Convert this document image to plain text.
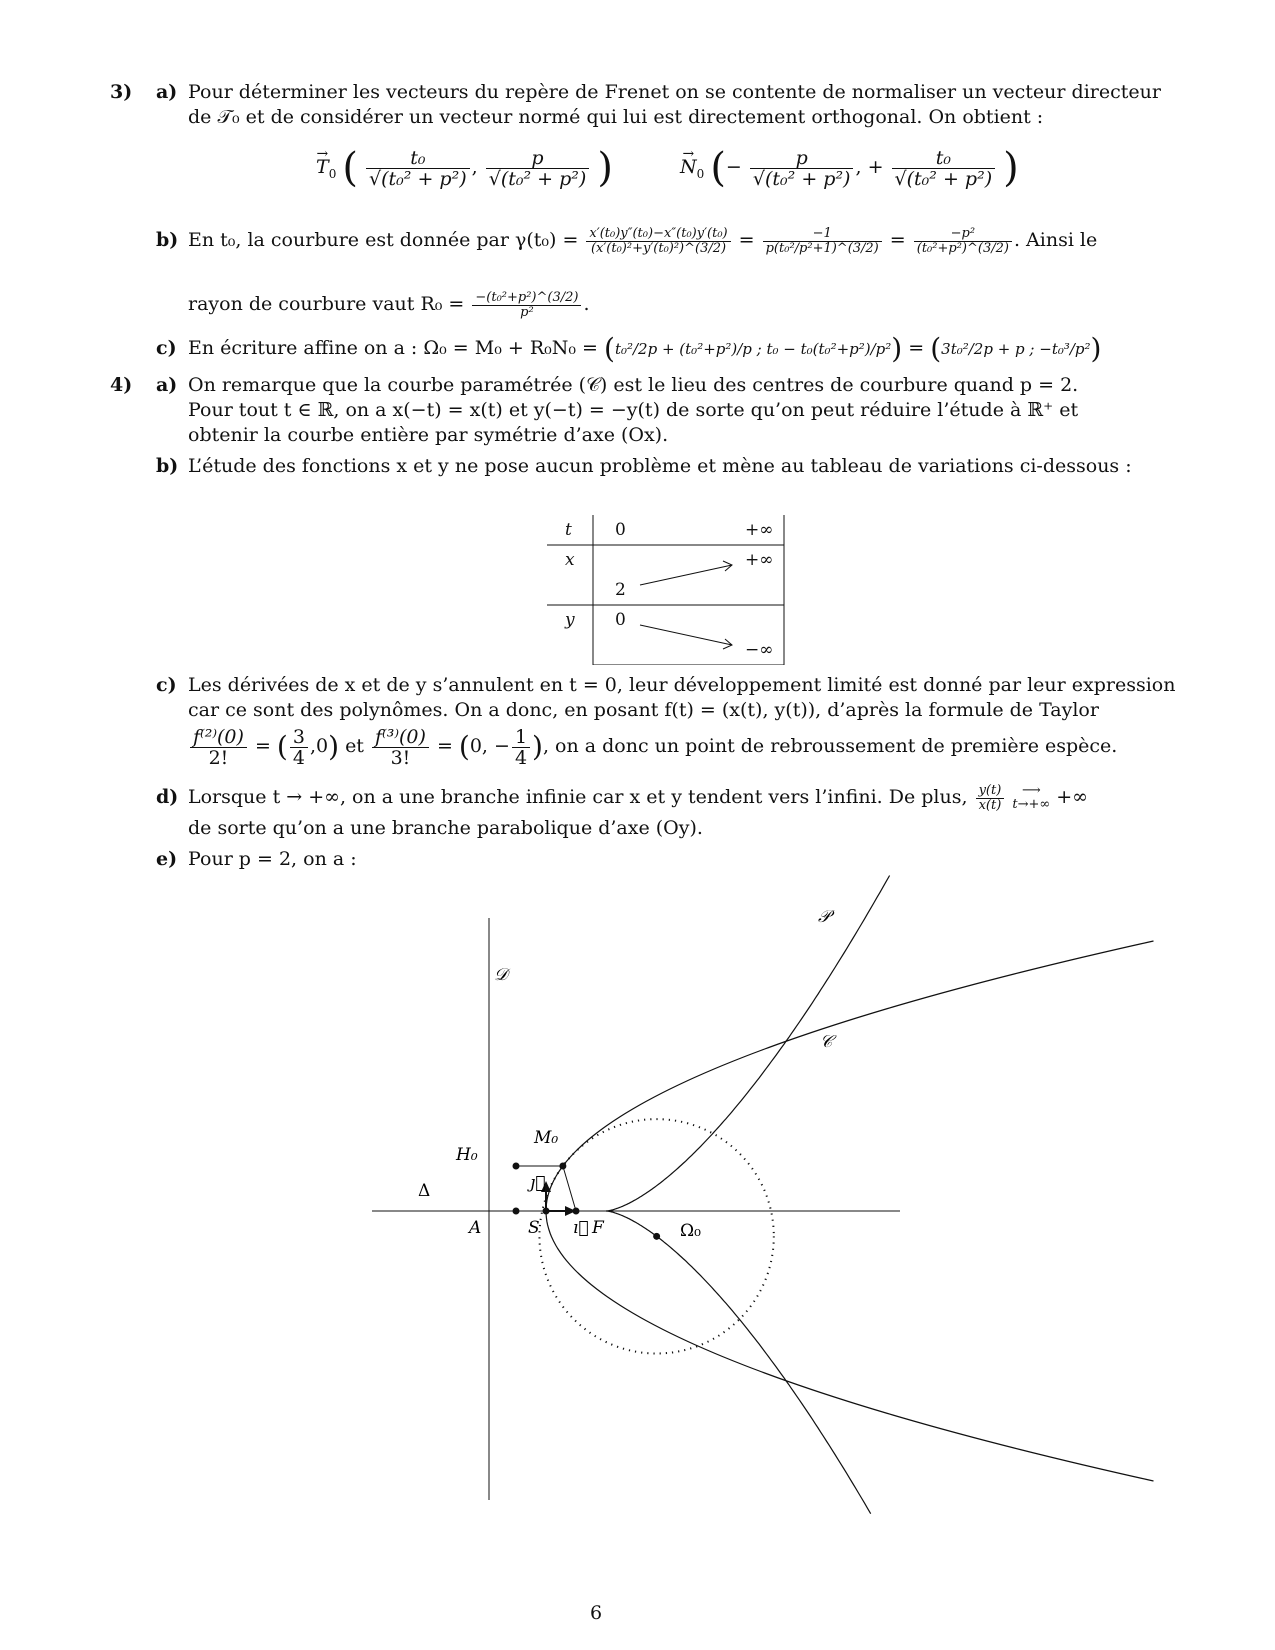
3) a) Pour déterminer les vecteurs du repère de Frenet on se contente de normaliser un vecteur directeur
de 𝒯₀ et de considérer un vecteur normé qui lui est directement orthogonal. On obtient :
→ $T_0$ ( $\frac{\text{t₀}}{\text{√(t₀² + p²)}}$ , $\frac{p}{\text{√(t₀² + p²)}}$ )
→	$N_0$ (− $\frac{p}{\text{√(t₀² + p²)}}$ , + $\frac{\text{t₀}}{\text{√(t₀² + p²)}}$ )
b) En t₀, la courbure est donnée par $\gamma(t_0) = \frac{\text{x′(t₀)y″(t₀)−x″(t₀)y′(t₀)}}{\text{(x′(t₀)²+y′(t₀)²)\textasciicircum{}(3/2)}} = \frac{-1}{\text{p(t₀²/p²+1)\textasciicircum{}(3/2)}} = \frac{\text{−p²}}{\text{(t₀²+p²)\textasciicircum{}(3/2)}}$ . Ainsi le
rayon de courbure vaut $R_0 = \frac{\text{−(t₀²+p²)\textasciicircum{}(3/2)}}{\text{p²}}$ .
c) En écriture affine on a : Ω₀ = M₀ + R₀N₀ = (t₀²/2p + (t₀²+p²)/p ; t₀ − t₀(t₀²+p²)/p²) = (3t₀²/2p + p ; −t₀³/p²)
4) a) On remarque que la courbe paramétrée (𝒞) est le lieu des centres de courbure quand p = 2.
Pour tout t ∈ ℝ, on a x(−t) = x(t) et y(−t) = −y(t) de sorte qu’on peut réduire l’étude à ℝ⁺ et
obtenir la courbe entière par symétrie d’axe (Ox).
b) L’étude des fonctions x et y ne pose aucun problème et mène au tableau de variations ci-dessous :
t
x
y
0	+∞
2
+∞
0
−∞
c) Les dérivées de x et de y s’annulent en t = 0, leur développement limité est donné par leur expression
car ce sont des polynômes. On a donc, en posant f(t) = (x(t), y(t)), d’après la formule de Taylor
$\frac{\text{f⁽²⁾(0)}}{2!}$ = ( $\frac{3}{4} ,0$) et $\frac{\text{f⁽³⁾(0)}}{3!} = (0$, − $\frac{1}{4}$ ), on a donc un point de rebroussement de première espèce.
d) Lorsque t → +∞, on a une branche infinie car x et y tendent vers l’infini. De plus, $\frac{y(t)}{x(t)}$
	⟶
t→+∞ +∞
de sorte qu’on a une branche parabolique d’axe (Oy).
e) Pour p = 2, on a :
𝒫
𝒞
𝒟
Δ
H₀
M₀
A	S ı⃗
ȷ⃗
F	Ω₀
6
